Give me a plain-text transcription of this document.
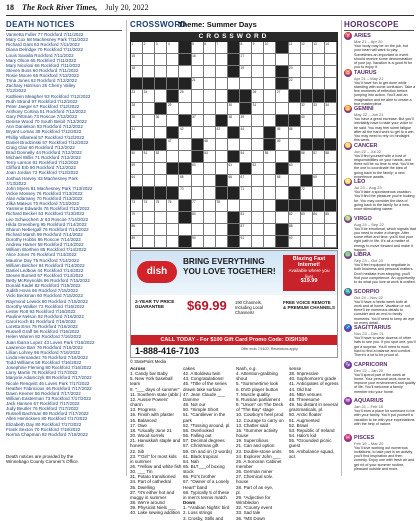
18 The Rock River Times, July 20, 2022
DEATH NOTICES	CROSSWORD
Theme: Summer Days	HOROSCOPE
Vannetta Fuller 77 Rockford 7/11/2022
Mary Cox 68 Machesney Park 7/11/2022
Richard Gant 63 Rockford 7/11/2022
Diana Delridge 70 Rockford 7/11/2022
Louis Savalla Rockford 7/11/2022
Mary Olson 65 Rockford 7/11/2022
Mary Nicolosi 66 Rockford 7/11/2022
Steven Boss 60 Rockford 7/11/2022
Rosie Moore 66 Rockford 7/12/2022
Trina Jones 62 Rockford 7/12/2022
Zachary Harrison 26 Cherry Valley
7/12/2022
Kathleen Meagher 93 Rockford 7/12/2022
Ruth Strand 97 Rockford 7/12/2022
Peter Jaeger 67 Rockford 7/12/2022
Anthony Cortina 51 Rockford 7/12/2022
Gary Pittman 73 Roscoe 7/12/2022
Denise Wood 70 South Beloit 7/12/2022
Ann Danielson 93 Rockford 7/12/2022
Bryant Lomax 35 Rockford 7/12/2022
Phillip Villarreal 57 Rockford 7/12/2022
Daniel Brodzinski 57 Rockford 7/12/2022
Craig Clair 60 Rockford 7/12/2022
Brad Donnelly 44 Rockford 7/12/2022
Michael Willis 71 Rockford 7/12/2022
Terry Larson 81 Rockford 7/12/2022
Clifford Erb 90 Rockford 7/12/2022
Joan Jordan 72 Rockford 7/12/2022
Joshua Harvey 43 Machesney Park
7/13/2022
John Myers 81 Machesney Park 7/13/2022
Vickie Monsey 76 Rockford 7/13/2022
Alan Adamany 70 Rockford 7/13/2022
Zilka Mateus 70 Rockford 7/13/2022
Yasmine Edwards 76 Rockford 7/13/2022
Richard Becker 53 Rockford 7/13/2022
Leo Schwochert Jr 63 Roscoe 7/14/2022
Hilda Greenberg 95 Rockford 7/14/2022
Sharon Nebergall 76 Rockford 7/14/2022
Richard Marsh 99 Rockford 7/14/2022
Dorothy Hobbs 86 Roscoe 7/14/2022
Andrew Hamer 58 Rockford 7/14/2022
William Worthen 85 Rockford 7/14/2022
Alice Jones 76 Rockford 7/14/2022
Maurine Day 75 Rockford 7/14/2022
William Belcher 84 Rockford 7/14/2022
Daniel Ledbow 44 Rockford 7/14/2022
Steven Burnett 67 Rockford 7/14/2022
Betty McReynolds 96 Rockford 7/15/2022
Donald Kadel 82 Rockford 7/15/2022
Judith Hovis 66 Rockford 7/15/2022
Vicki Beckman 60 Rockford 7/15/2022
Raymond Lewick 80 Rockford 7/15/2022
Dorothy Walker 72 Rockford 7/16/2022
Lester Rott 93 Rockford 7/16/2022
Pauline Nelson 92 Rockford 7/16/2022
Carol Koch 81 Rockford 7/16/2022
Loretta Ems 75 Rockford 7/16/2022
Russell Graff 56 Rockford 7/16/2022
Helen Warren 82 Rockford 7/16/2022
Juan Ibarra Lopez 43 Loves Park 7/16/2022
Lawrence Barr 76 Rockford 7/16/2022
Lillian Lohrey 96 Rockford 7/16/2022
Linda Hernandez 76 Rockford 7/16/2022
Todd Williams 58 Rockford 7/16/2022
Josephine Fleming 80 Rockford 7/16/2022
Larry Martin 78 Rockford 7/17/2022
Marjorie Adamczyk 88 Rockford 7/17/2022
Nicole Renqvist 46 Loves Park 7/17/2022
Heather Fabricious 46 Rockford 7/17/2022
Dawn Keener 56 Rockford 7/17/2022
William Easterman 73 Rockford 7/17/2022
Jack Hansen 67 Rockford 7/17/2022
Judy Beutler 76 Rockford 7/17/2022
Russell Bachman 89 Rockford 7/17/2022
Allen Henricksen 80 Rockford 7/17/2022
Elizabeth Day 80 Rockford 7/17/2022
Frank Sexton 70 Rockford 7/18/2022
Norma Chapman 92 Rockford 7/18/2022
Death notices are provided by the
Winnebago County Coroner's Office.
CROSSWORD
1	2	3	4	5	6	7	8	9	10	11	12	13	14
15	16	17
18	19	20
21	22
23	24	25	26	27
28	29	30	31	32	33	34
35	36	37	38	39	40
41	42	43	44	45	46
47	48	49
50	51	52	53	54	55	56	57	58
59	60	61	62	63
64	65	66	67	68	69
70	71	72
73	74	75	76	77	78
79	80	81	82	83	84	85
86	87	88
89	90	91	92
dish
BRING EVERYTHING YOU LOVE TOGETHER!
Blazing Fast Internet!
Available where you live!

$19.99
2-YEAR TV PRICE GUARANTEE	$69.99 190 Channels, Including Local Channels!
FREE VOICE REMOTE & PREMIUM CHANNELS
CALL TODAY - For $100 Gift Card Promo Code: DISH100
1-888-416-7103	Offer ends 7/14/22. Restrictions apply.
© StatePoint Media
Across
1. Candy bar Baby
5. New York baseball
team
8. "___ days of summer"
11. Southern state (abbr.)
12. Aussie Powers'
charm
13. Progress
15. Finish with plaster
16. Balanced
17. Owe
18. *Usually June 21
20. Wood sorrels
21. Hanukkah staple and
honest
22. Sib
23. *"Girl" for most kids
in summer
26. *Yellow and white fish
30. ___ Tin
31. Potato transitioned
34. Part of cathedral
35. Dwelling
37. *It's either hot and
muggy in summer
38. We're around
39. Physicist Niels ___
40. Lake sewing addition
cakes
42. A Boldeau twin
43. Congratulations!
45. *Title of the series
drawn take surface
47. Jean Claude ___
Damme
48. Not our
50. *Simple Short
51. *Cantilever in the
park
52. *Tossing around, pl.
55. Overlooked
56. Falling out
57. Decimal degrees
57. Christmas gift
59. On and on (2 words)
61. Black tropical
64. Nah
65. BLT___of boxing
stock
66. Piz's brother
67. "Owner of a Lonely
Heart" band
68. Typically 5 of these
in men's tennis match
Down
1. *Arabian Nights' bird
2. Loss strings
3. Crosby, Stills and
Nash, e.g.
4. Attention-grabbing
shout
5. *Summertime look
6. DVD player button
7. Muscle quality
8. Russian parliament
9. "Union" on The Deck
of "The Bay" stage
10. Cowboy's heel prod
12. Courage to carry on
13. Chatter said
15. *Summer activity
house
19. Supercilious
21. Can and option
23. Double-stone units
24. Explorer John ___
25. A Sonoran Cabinet
member
26. German miner
27. Chemical solv.
house
28. Part of an eye,
pl.
29. *Adjective for
Wimbledon
32. *County event
33. Sad tale
36. *MS Down
sense
38. Impressive
40. Sophomore's grade
41. Anticipates of egress
44. Old hat
46. NBA venues
48. Threesome
49. No distant in several
grammaticals, pl.
50. Arctic floater
51. Augmented
52. Brawl
53. Republic of Ireland
54. Halo's kid
55. *Grounded picnic
guest
56. Ambulance squad,
acr.
♈ ARIES
Mar 21 – Apr 20
Your body may be on the job, but your heart will want to play. Sometimes an important or event should receive some demonstration of your joy. Vacation is a good fit for you to enjoy it.
♉ TAURUS
Apr 21 – May 21
You'll have fun to get done while standing with some confusion. Take a few moments of reflection before jumping into action. You'll add an imagination and be able to create a true masterpiece.
♊ GEMINI
May 22 – Jun 21
You have a great increase. But you'll inevitably have to take your voice to be said. You may feel some fatigue after all the hard work to get to a win. You may need to rely on hindsight this week.
♋ CANCER
Jun 22 – Jul 22
You'll find yourself with a host of responsibilities on your hands, and there will be no time to rest. You'll be the one to coordinate the idea of going back to the family; a new experience awaits.
♌ LEO
Jul 23 – Aug 23
You'll take a spontaneous vacation. You'll find the pleasure you're looking for. You may consider the idea of going back to the family for a new, more stimulating career.
♍ VIRGO
Aug 24 – Sep 22
You'll be emotional, which signals that you need to make a change. After some effort and time, you'll find your right path in life. It's all a matter of energy to move forward and make it happen.
♎ LIBRA
Sep 23 – Oct 23
You'll feel equipped to negotiate in both business and personal matters. Don't hesitate from stepping; you'll find your competence. An opportunity to do what you love at work is crafted.
♏ SCORPIO
Oct 24 – Nov 22
You'll have a hectic week both at work and at home. Vacation or not, there'll be numerous details to consider and an end to family moments. You'll need to keep an eye on every detail.
♐ SAGITTARIUS
Nov 23 – Dec 21
You'll have to wear dozens of other hats to see you. If you spot one, you'll get a surprise. You'll need to work hard to find a balance and comfort. There's a lot to be proud of.
♑ CAPRICORN
Dec 22 – Jan 20
You'll spend part of the week at home. Your personal work done to improve your environment and quality of life. You'll welcome a family member into your home.
♒ AQUARIUS
Jan 21 – Feb 18
You'll earn a place for someone to be with your family. You'll put yourself a vacation to be with your expectations with the help of nature.
♓ PISCES
Feb 19 – Mar 20
You'll love working out numerous invitations, to take part in an activity, you'll find inspiration and then comedy. Enjoy one with fresh air and get rid of your summer routine, pleasant outside and more.
